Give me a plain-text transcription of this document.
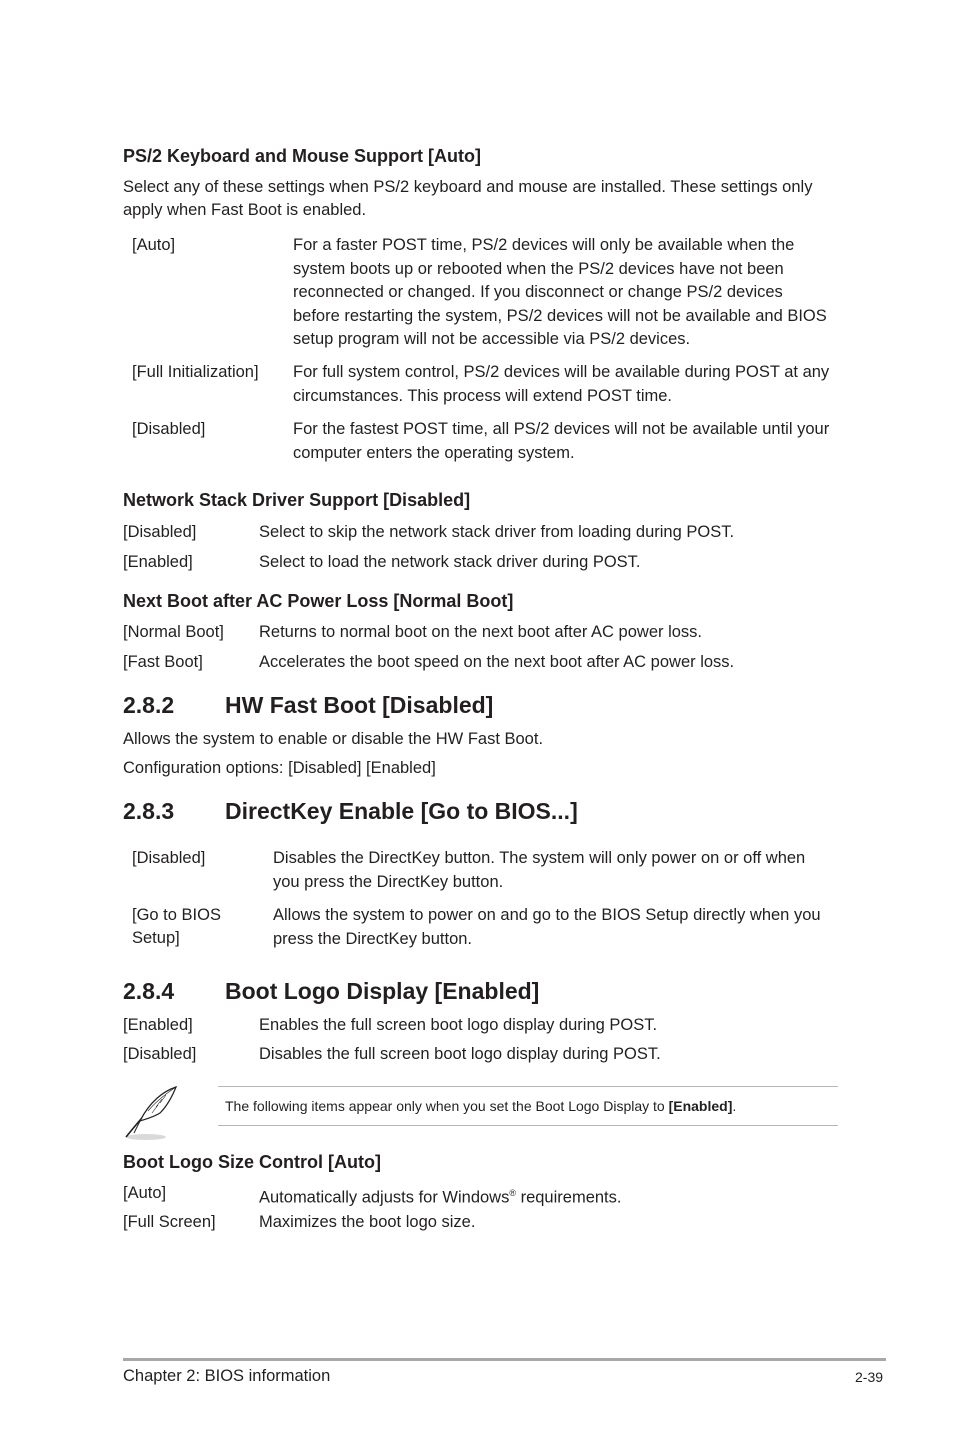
PS/2 Keyboard and Mouse Support [Auto]
Select any of these settings when PS/2 keyboard and mouse are installed. These settings only apply when Fast Boot is enabled.
[Auto]	For a faster POST time, PS/2 devices will only be available when the system boots up or rebooted when the PS/2 devices have not been reconnected or changed. If you disconnect or change PS/2 devices before restarting the system, PS/2 devices will not be available and BIOS setup program will not be accessible via PS/2 devices.
[Full Initialization] For full system control, PS/2 devices will be available during POST at any circumstances. This process will extend POST time.
[Disabled]	For the fastest POST time, all PS/2 devices will not be available until your computer enters the operating system.
Network Stack Driver Support [Disabled]
[Disabled]	Select to skip the network stack driver from loading during POST.
[Enabled]	Select to load the network stack driver during POST.
Next Boot after AC Power Loss [Normal Boot]
[Normal Boot] Returns to normal boot on the next boot after AC power loss.
[Fast Boot]	Accelerates the boot speed on the next boot after AC power loss.
2.8.2 HW Fast Boot [Disabled]
Allows the system to enable or disable the HW Fast Boot.
Configuration options: [Disabled] [Enabled]
2.8.3 DirectKey Enable [Go to BIOS...]
[Disabled]	Disables the DirectKey button. The system will only power on or off when you press the DirectKey button.
[Go to BIOS
Setup]
Allows the system to power on and go to the BIOS Setup directly when you press the DirectKey button.
2.8.4 Boot Logo Display [Enabled]
[Enabled]	Enables the full screen boot logo display during POST.
[Disabled]	Disables the full screen boot logo display during POST.
The following items appear only when you set the Boot Logo Display to [Enabled].
Boot Logo Size Control [Auto]
[Auto]	Automatically adjusts for Windows® requirements.
[Full Screen]	Maximizes the boot logo size.
Chapter 2: BIOS information	2-39
